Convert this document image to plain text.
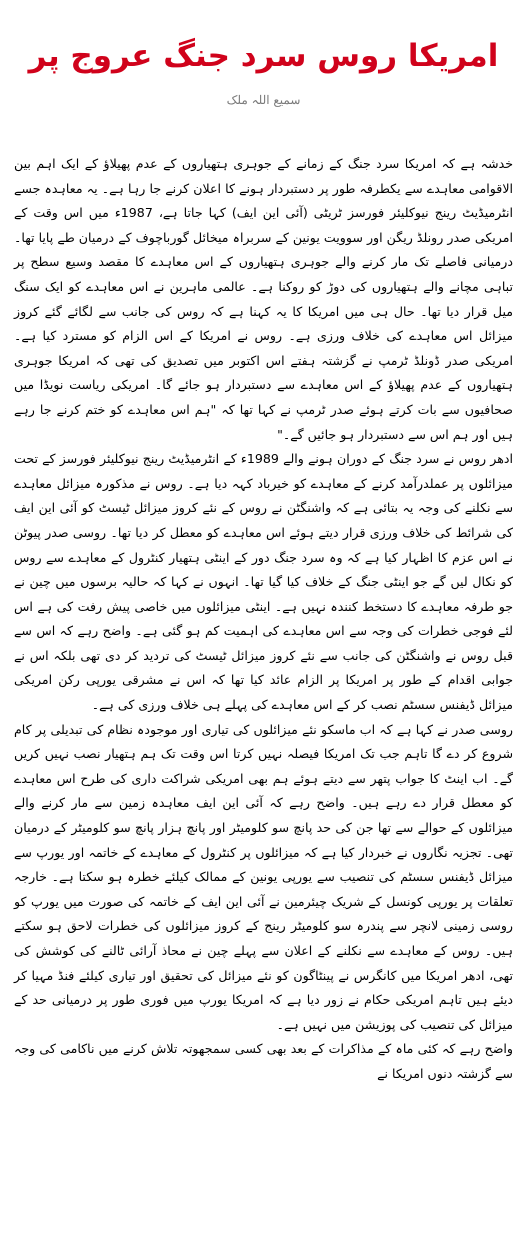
امریکا روس سرد جنگ عروج پر
سمیع اللہ ملک

خدشہ ہے کہ امریکا سرد جنگ کے زمانے کے جوہری ہتھیاروں کے عدم پھیلاؤ کے ایک اہم بین الاقوامی معاہدے سے یکطرفہ طور پر دستبردار ہونے کا اعلان کرنے جا رہا ہے۔ یہ معاہدہ جسے انٹرمیڈیٹ رینج نیوکلیئر فورسز ٹریٹی (آئی این ایف) کہا جاتا ہے، 1987ء میں اس وقت کے امریکی صدر رونلڈ ریگن اور سوویت یونین کے سربراہ میخائل گورباچوف کے درمیان طے پایا تھا۔ درمیانی فاصلے تک مار کرنے والے جوہری ہتھیاروں کے اس معاہدے کا مقصد وسیع سطح پر تباہی مچانے والے ہتھیاروں کی دوڑ کو روکنا ہے۔ عالمی ماہرین نے اس معاہدے کو ایک سنگ میل قرار دیا تھا۔ حال ہی میں امریکا کا یہ کہنا ہے کہ روس کی جانب سے لگائے گئے کروز میزائل اس معاہدے کی خلاف ورزی ہے۔ روس نے امریکا کے اس الزام کو مسترد کیا ہے۔ امریکی صدر ڈونلڈ ٹرمپ نے گزشتہ ہفتے اس اکتوبر میں تصدیق کی تھی کہ امریکا جوہری ہتھیاروں کے عدم پھیلاؤ کے اس معاہدے سے دستبردار ہو جائے گا۔ امریکی ریاست نویڈا میں صحافیوں سے بات کرتے ہوئے صدر ٹرمپ نے کہا تھا کہ "ہم اس معاہدے کو ختم کرنے جا رہے ہیں اور ہم اس سے دستبردار ہو جائیں گے۔"

ادھر روس نے سرد جنگ کے دوران ہونے والے 1989ء کے انٹرمیڈیٹ رینج نیوکلیئر فورسز کے تحت میزائلوں پر عملدرآمد کرنے کے معاہدے کو خیرباد کہہ دیا ہے۔ روس نے مذکورہ میزائل معاہدے سے نکلنے کی وجہ یہ بتائی ہے کہ واشنگٹن نے روس کے نئے کروز میزائل ٹیسٹ کو آئی این ایف کی شرائط کی خلاف ورزی قرار دیتے ہوئے اس معاہدے کو معطل کر دیا تھا۔ روسی صدر پیوٹن نے اس عزم کا اظہار کیا ہے کہ وہ سرد جنگ دور کے اینٹی ہتھیار کنٹرول کے معاہدے سے روس کو نکال لیں گے جو اینٹی جنگ کے خلاف کیا گیا تھا۔ انہوں نے کہا کہ حالیہ برسوں میں چین نے جو طرفہ معاہدے کا دستخط کنندہ نہیں ہے۔ اینٹی میزائلوں میں خاصی پیش رفت کی ہے اس لئے فوجی خطرات کی وجہ سے اس معاہدے کی اہمیت کم ہو گئی ہے۔ واضح رہے کہ اس سے قبل روس نے واشنگٹن کی جانب سے نئے کروز میزائل ٹیسٹ کی تردید کر دی تھی بلکہ اس نے جوابی اقدام کے طور پر امریکا پر الزام عائد کیا تھا کہ اس نے مشرقی یورپی رکن امریکی میزائل ڈیفنس سسٹم نصب کر کے اس معاہدے کی پہلے ہی خلاف ورزی کی ہے۔

روسی صدر نے کہا ہے کہ اب ماسکو نئے میزائلوں کی تیاری اور موجودہ نظام کی تبدیلی پر کام شروع کر دے گا تاہم جب تک امریکا فیصلہ نہیں کرتا اس وقت تک ہم ہتھیار نصب نہیں کریں گے۔ اب اینٹ کا جواب پتھر سے دیتے ہوئے ہم بھی امریکی شراکت داری کی طرح اس معاہدے کو معطل قرار دے رہے ہیں۔ واضح رہے کہ آئی این ایف معاہدہ زمین سے مار کرنے والے میزائلوں کے حوالے سے تھا جن کی حد پانچ سو کلومیٹر اور پانچ ہزار پانچ سو کلومیٹر کے درمیان تھی۔ تجزیہ نگاروں نے خبردار کیا ہے کہ میزائلوں پر کنٹرول کے معاہدے کے خاتمہ اور یورپ سے میزائل ڈیفنس سسٹم کی تنصیب سے یورپی یونین کے ممالک کیلئے خطرہ ہو سکتا ہے۔ خارجہ تعلقات پر یورپی کونسل کے شریک چیئرمین نے آئی این ایف کے خاتمہ کی صورت میں یورپ کو روسی زمینی لانچر سے پندرہ سو کلومیٹر رینج کے کروز میزائلوں کی خطرات لاحق ہو سکتے ہیں۔ روس کے معاہدے سے نکلنے کے اعلان سے پہلے چین نے محاذ آرائی ٹالنے کی کوشش کی تھی، ادھر امریکا میں کانگرس نے پینٹاگون کو نئے میزائل کی تحقیق اور تیاری کیلئے فنڈ مہیا کر دیئے ہیں تاہم امریکی حکام نے زور دیا ہے کہ امریکا یورپ میں فوری طور پر درمیانی حد کے میزائل کی تنصیب کی پوزیشن میں نہیں ہے۔

واضح رہے کہ کئی ماہ کے مذاکرات کے بعد بھی کسی سمجھوتہ تلاش کرنے میں ناکامی کی وجہ سے گزشتہ دنوں امریکا نے
